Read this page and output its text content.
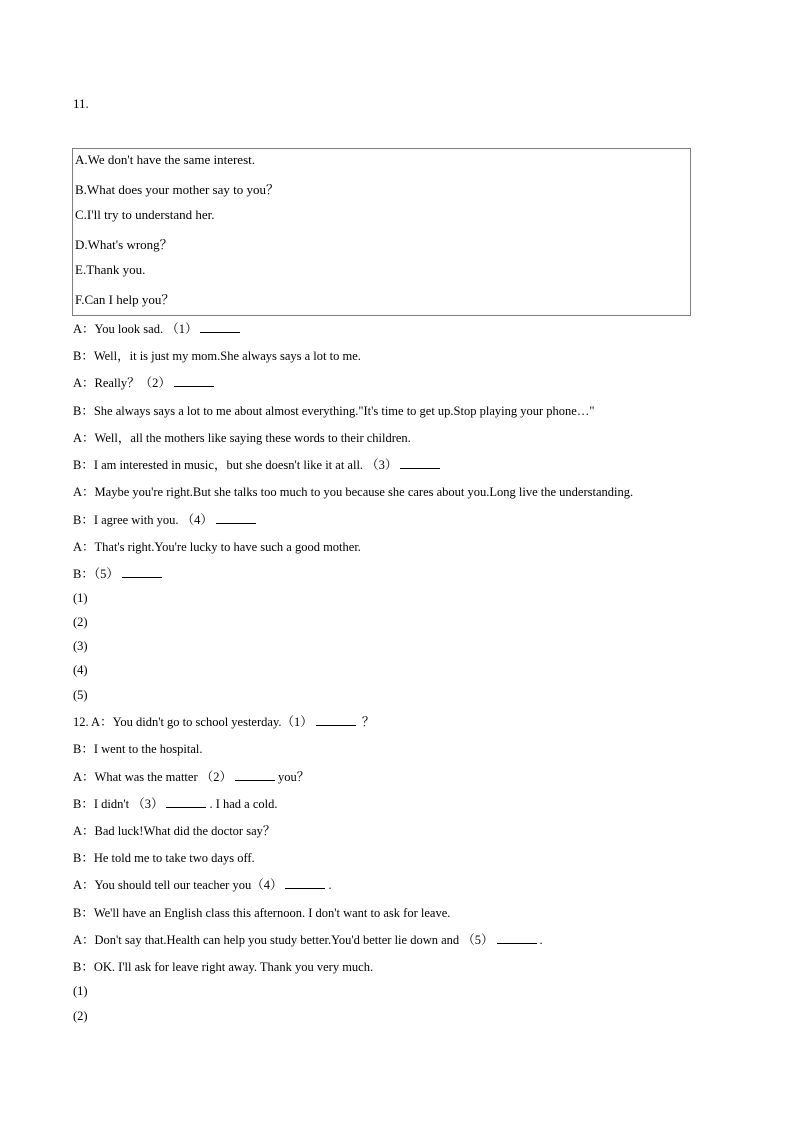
11.
A.We don't have the same interest.
B.What does your mother say to you？
C.I'll try to understand her.
D.What's wrong？
E.Thank you.
F.Can I help you？
A：You look sad. （1）
B：Well，it is just my mom.She always says a lot to me.
A：Really？（2）
B：She always says a lot to me about almost everything."It's time to get up.Stop playing your phone…"
A：Well，all the mothers like saying these words to their children.
B：I am interested in music，but she doesn't like it at all. （3）
A：Maybe you're right.But she talks too much to you because she cares about you.Long live the understanding.
B：I agree with you. （4）
A：That's right.You're lucky to have such a good mother.
B：（5）
(1)
(2)
(3)
(4)
(5)
12. A：You didn't go to school yesterday.（1）	？
B：I went to the hospital.
A：What was the matter （2）	you？
B：I didn't （3）	. I had a cold.
A：Bad luck!What did the doctor say？
B：He told me to take two days off.
A：You should tell our teacher you（4）	.
B：We'll have an English class this afternoon. I don't want to ask for leave.
A：Don't say that.Health can help you study better.You'd better lie down and （5）	.
B：OK. I'll ask for leave right away. Thank you very much.
(1)
(2)
